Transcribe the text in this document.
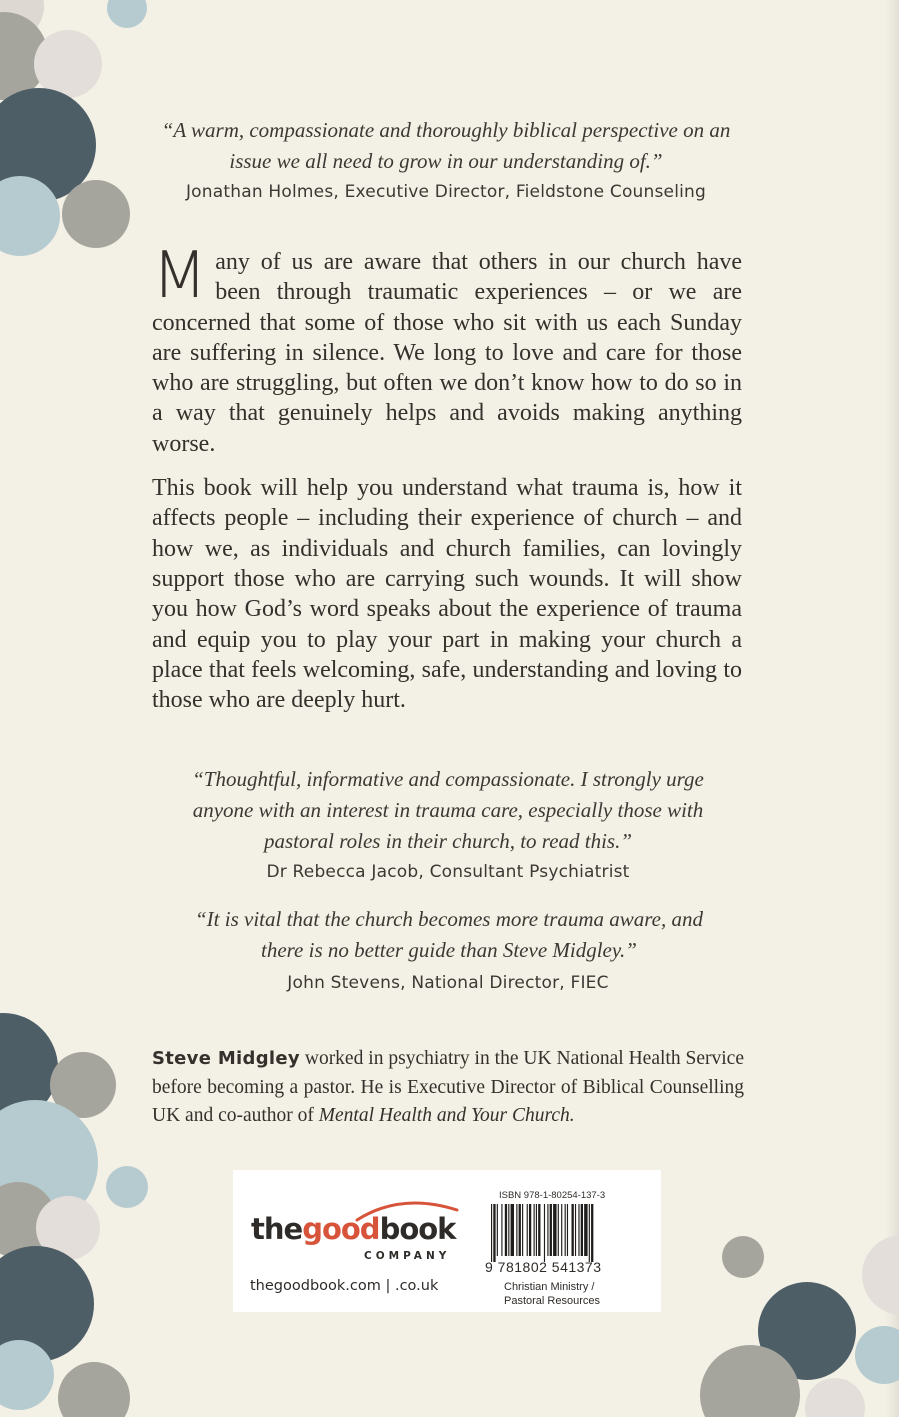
“A warm, compassionate and thoroughly biblical perspective on an issue we all need to grow in our understanding of.”
Jonathan Holmes, Executive Director, Fieldstone Counseling

Many of us are aware that others in our church have been through traumatic experiences – or we are concerned that some of those who sit with us each Sunday are suffering in silence. We long to love and care for those who are struggling, but often we don’t know how to do so in a way that genuinely helps and avoids making anything worse.

This book will help you understand what trauma is, how it affects people – including their experience of church – and how we, as individuals and church families, can lovingly support those who are carrying such wounds. It will show you how God’s word speaks about the experience of trauma and equip you to play your part in making your church a place that feels welcoming, safe, understanding and loving to those who are deeply hurt.

“Thoughtful, informative and compassionate. I strongly urge anyone with an interest in trauma care, especially those with pastoral roles in their church, to read this.”
Dr Rebecca Jacob, Consultant Psychiatrist
“It is vital that the church becomes more trauma aware, and there is no better guide than Steve Midgley.”
John Stevens, National Director, FIEC
Steve Midgley worked in psychiatry in the UK National Health Service before becoming a pastor. He is Executive Director of Biblical Counselling UK and co-author of Mental Health and Your Church.
thegoodbook
COMPANY
thegoodbook.com | .co.uk
ISBN 978-1-80254-137-3
9 781802 541373
Christian Ministry / Pastoral Resources
